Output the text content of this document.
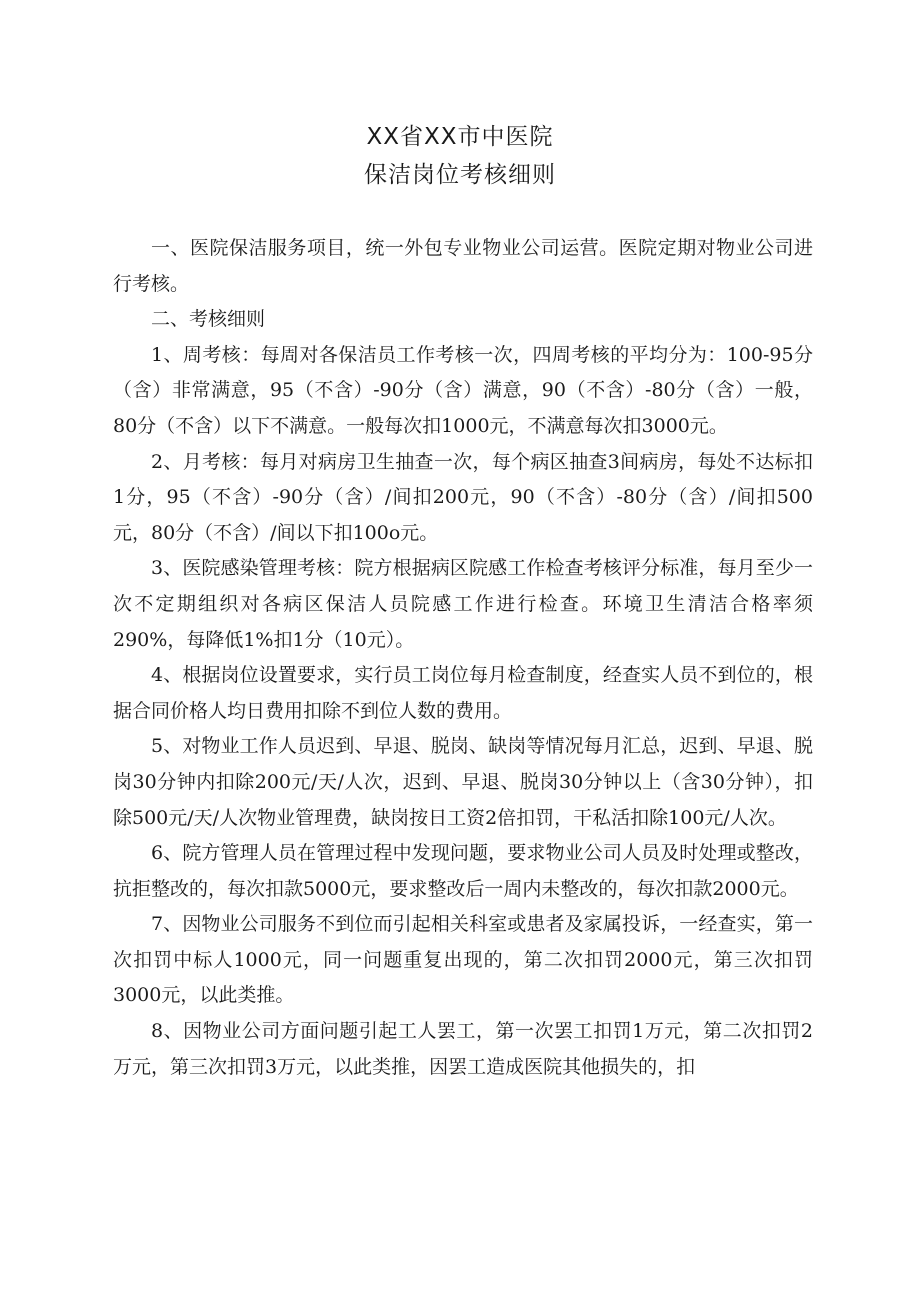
XX省XX市中医院
保洁岗位考核细则

一、医院保洁服务项目，统一外包专业物业公司运营。医院定期对物业公司进行考核。

二、考核细则

1、周考核：每周对各保洁员工作考核一次，四周考核的平均分为：100-95分（含）非常满意，95（不含）-90分（含）满意，90（不含）-80分（含）一般，80分（不含）以下不满意。一般每次扣1000元，不满意每次扣3000元。

2、月考核：每月对病房卫生抽查一次，每个病区抽查3间病房，每处不达标扣1分，95（不含）-90分（含）/间扣200元，90（不含）-80分（含）/间扣500元，80分（不含）/间以下扣100o元。

3、医院感染管理考核：院方根据病区院感工作检查考核评分标准，每月至少一次不定期组织对各病区保洁人员院感工作进行检查。环境卫生清洁合格率须290%，每降低1%扣1分（10元）。

4、根据岗位设置要求，实行员工岗位每月检查制度，经查实人员不到位的，根据合同价格人均日费用扣除不到位人数的费用。

5、对物业工作人员迟到、早退、脱岗、缺岗等情况每月汇总，迟到、早退、脱岗30分钟内扣除200元/天/人次，迟到、早退、脱岗30分钟以上（含30分钟），扣除500元/天/人次物业管理费，缺岗按日工资2倍扣罚，干私活扣除100元/人次。

6、院方管理人员在管理过程中发现问题，要求物业公司人员及时处理或整改，抗拒整改的，每次扣款5000元，要求整改后一周内未整改的，每次扣款2000元。

7、因物业公司服务不到位而引起相关科室或患者及家属投诉，一经查实，第一次扣罚中标人1000元，同一问题重复出现的，第二次扣罚2000元，第三次扣罚3000元，以此类推。

8、因物业公司方面问题引起工人罢工，第一次罢工扣罚1万元，第二次扣罚2万元，第三次扣罚3万元，以此类推，因罢工造成医院其他损失的，扣
